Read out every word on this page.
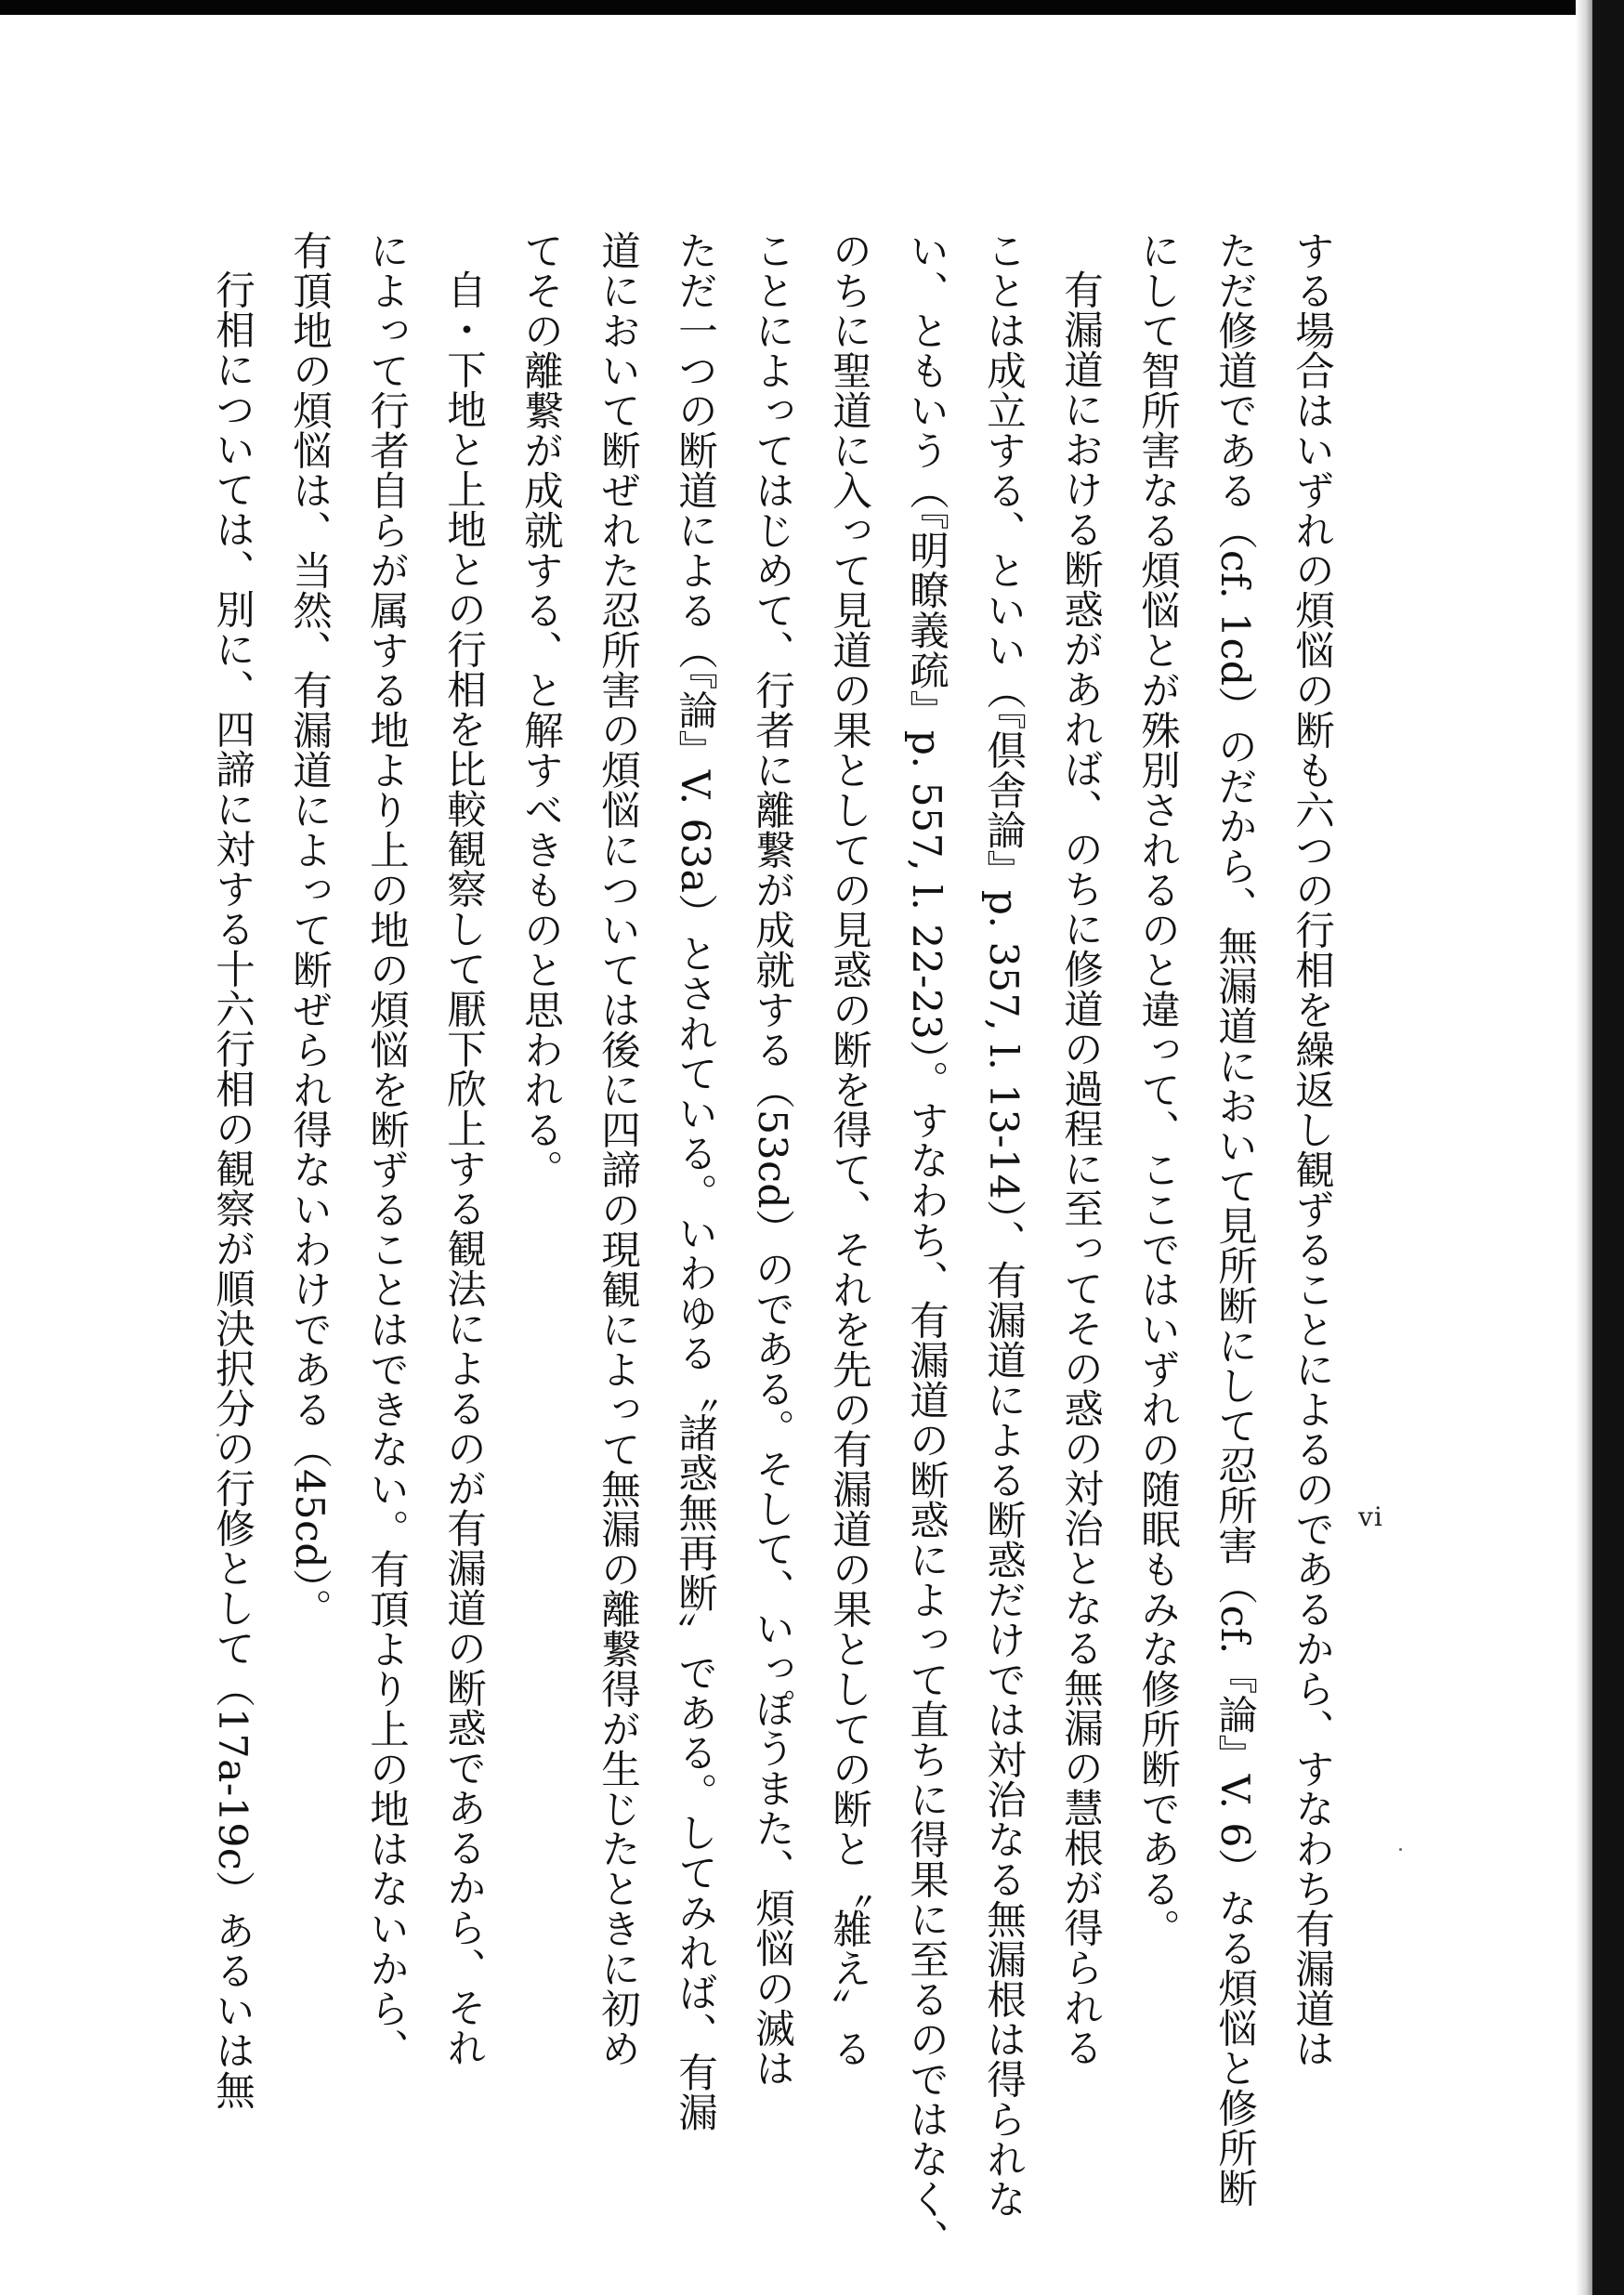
する場合はいずれの煩悩の断も六つの行相を繰返し観ずることによるのであるから、すなわち有漏道は
ただ修道である（cf. 1cd）のだから、無漏道において見所断にして忍所害（cf.『論』V. 6）なる煩悩と修所断
にして智所害なる煩悩とが殊別されるのと違って、ここではいずれの随眠もみな修所断である。
有漏道における断惑があれば、のちに修道の過程に至ってその惑の対治となる無漏の慧根が得られる
ことは成立する、といい（『倶舎論』p. 357, l. 13-14）、有漏道による断惑だけでは対治なる無漏根は得られな
い、ともいう（『明瞭義疏』p. 557, l. 22-23）。すなわち、有漏道の断惑によって直ちに得果に至るのではなく、
のちに聖道に入って見道の果としての見惑の断を得て、それを先の有漏道の果としての断と〝雑え〟る
ことによってはじめて、行者に離繋が成就する（53cd）のである。そして、いっぽうまた、煩悩の滅は
ただ一つの断道による（『論』V. 63a）とされている。いわゆる〝諸惑無再断〟である。してみれば、有漏
道において断ぜれた忍所害の煩悩については後に四諦の現観によって無漏の離繋得が生じたときに初め
てその離繋が成就する、と解すべきものと思われる。
自・下地と上地との行相を比較観察して厭下欣上する観法によるのが有漏道の断惑であるから、それ
によって行者自らが属する地より上の地の煩悩を断ずることはできない。有頂より上の地はないから、
有頂地の煩悩は、当然、有漏道によって断ぜられ得ないわけである（45cd）。
行相については、別に、四諦に対する十六行相の観察が順決択分の行修として（17a-19c）あるいは無	vi
